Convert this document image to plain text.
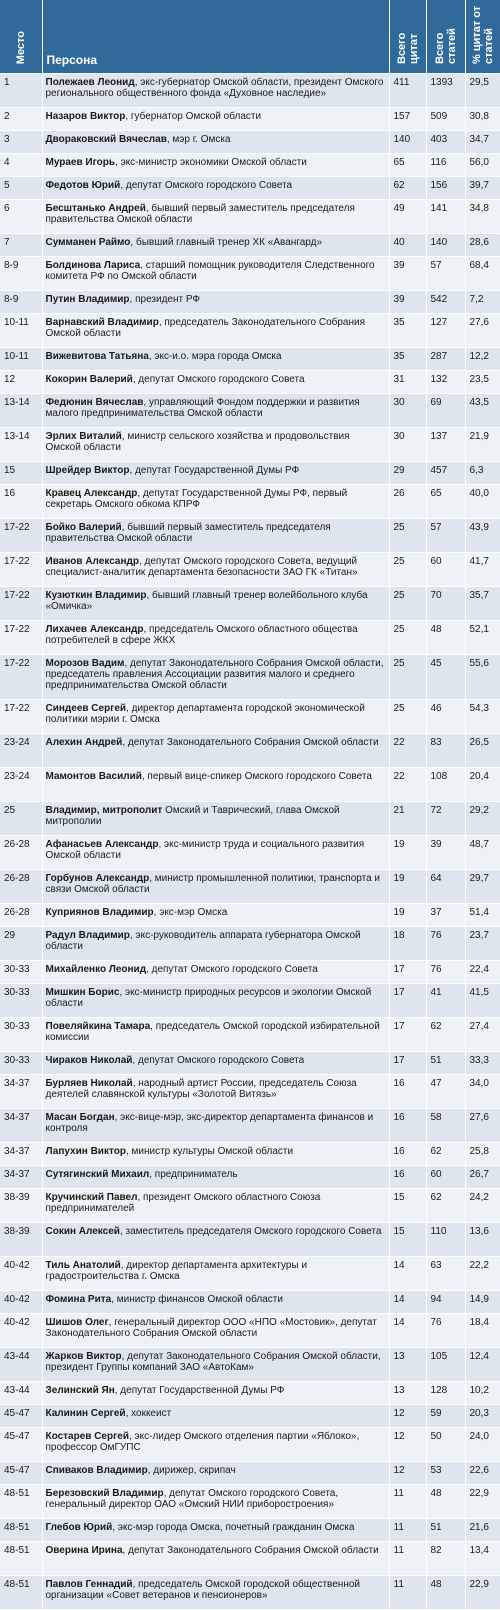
Место	Персона	Всего цитат	Всего статей	% цитат от статей
1	Полежаев Леонид, экс-губернатор Омской области, президент Омского регионального общественного фонда «Духовное наследие»	411	1393	29,5
2	Назаров Виктор, губернатор Омской области	157	509	30,8
3	Двораковский Вячеслав, мэр г. Омска	140	403	34,7
4	Мураев Игорь, экс-министр экономики Омской области	65	116	56,0
5	Федотов Юрий, депутат Омского городского Совета	62	156	39,7
6	Бесштанько Андрей, бывший первый заместитель председателя правительства Омской области	49	141	34,8
7	Сумманен Раймо, бывший главный тренер ХК «Авангард»	40	140	28,6
8-9	Болдинова Лариса, старший помощник руководителя Следственного комитета РФ по Омской области	39	57	68,4
8-9	Путин Владимир, президент РФ	39	542	7,2
10-11	Варнавский Владимир, председатель Законодательного Собрания Омской области	35	127	27,6
10-11	Вижевитова Татьяна, экс-и.о. мэра города Омска	35	287	12,2
12	Кокорин Валерий, депутат Омского городского Совета	31	132	23,5
13-14	Федюнин Вячеслав, управляющий Фондом поддержки и развития малого предпринимательства Омской области	30	69	43,5
13-14	Эрлих Виталий, министр сельского хозяйства и продовольствия Омской области	30	137	21,9
15	Шрейдер Виктор, депутат Государственной Думы РФ	29	457	6,3
16	Кравец Александр, депутат Государственной Думы РФ, первый секретарь Омского обкома КПРФ	26	65	40,0
17-22	Бойко Валерий, бывший первый заместитель председателя правительства Омской области	25	57	43,9
17-22	Иванов Александр, депутат Омского городского Совета, ведущий специалист-аналитик департамента безопасности ЗАО ГК «Титан»	25	60	41,7
17-22	Кузюткин Владимир, бывший главный тренер волейбольного клуба «Омичка»	25	70	35,7
17-22	Лихачев Александр, председатель Омского областного общества потребителей в сфере ЖКХ	25	48	52,1
17-22	Морозов Вадим, депутат Законодательного Собрания Омской области, председатель правления Ассоциации развития малого и среднего предпринимательства Омской области	25	45	55,6
17-22	Синдеев Сергей, директор департамента городской экономической политики мэрии г. Омска	25	46	54,3
23-24	Алехин Андрей, депутат Законодательного Собрания Омской области	22	83	26,5
23-24	Мамонтов Василий, первый вице-спикер Омского городского Совета	22	108	20,4
25	Владимир, митрополит Омский и Таврический, глава Омской митрополии	21	72	29,2
26-28	Афанасьев Александр, экс-министр труда и социального развития Омской области	19	39	48,7
26-28	Горбунов Александр, министр промышленной политики, транспорта и связи Омской области	19	64	29,7
26-28	Куприянов Владимир, экс-мэр Омска	19	37	51,4
29	Радул Владимир, экс-руководитель аппарата губернатора Омской области	18	76	23,7
30-33	Михайленко Леонид, депутат Омского городского Совета	17	76	22,4
30-33	Мишкин Борис, экс-министр природных ресурсов и экологии Омской области	17	41	41,5
30-33	Повеляйкина Тамара, председатель Омской городской избирательной комиссии	17	62	27,4
30-33	Чираков Николай, депутат Омского городского Совета	17	51	33,3
34-37	Бурляев Николай, народный артист России, председатель Союза деятелей славянской культуры «Золотой Витязь»	16	47	34,0
34-37	Масан Богдан, экс-вице-мэр, экс-директор департамента финансов и контроля	16	58	27,6
34-37	Лапухин Виктор, министр культуры Омской области	16	62	25,8
34-37	Сутягинский Михаил, предприниматель	16	60	26,7
38-39	Кручинский Павел, президент Омского областного Союза предпринимателей	15	62	24,2
38-39	Сокин Алексей, заместитель председателя Омского городского Совета	15	110	13,6
40-42	Тиль Анатолий, директор департамента архитектуры и градостроительства г. Омска	14	63	22,2
40-42	Фомина Рита, министр финансов Омской области	14	94	14,9
40-42	Шишов Олег, генеральный директор ООО «НПО «Мостовик», депутат Законодательного Собрания Омской области	14	76	18,4
43-44	Жарков Виктор, депутат Законодательного Собрания Омской области, президент Группы компаний ЗАО «АвтоКам»	13	105	12,4
43-44	Зелинский Ян, депутат Государственной Думы РФ	13	128	10,2
45-47	Калинин Сергей, хоккеист	12	59	20,3
45-47	Костарев Сергей, экс-лидер Омского отделения партии «Яблоко», профессор ОмГУПС	12	50	24,0
45-47	Спиваков Владимир, дирижер, скрипач	12	53	22,6
48-51	Березовский Владимир, депутат Омского городского Совета, генеральный директор ОАО «Омский НИИ приборостроения»	11	48	22,9
48-51	Глебов Юрий, экс-мэр города Омска, почетный гражданин Омска	11	51	21,6
48-51	Оверина Ирина, депутат Законодательного Собрания Омской области	11	82	13,4
48-51	Павлов Геннадий, председатель Омской городской общественной организации «Совет ветеранов и пенсионеров»	11	48	22,9
